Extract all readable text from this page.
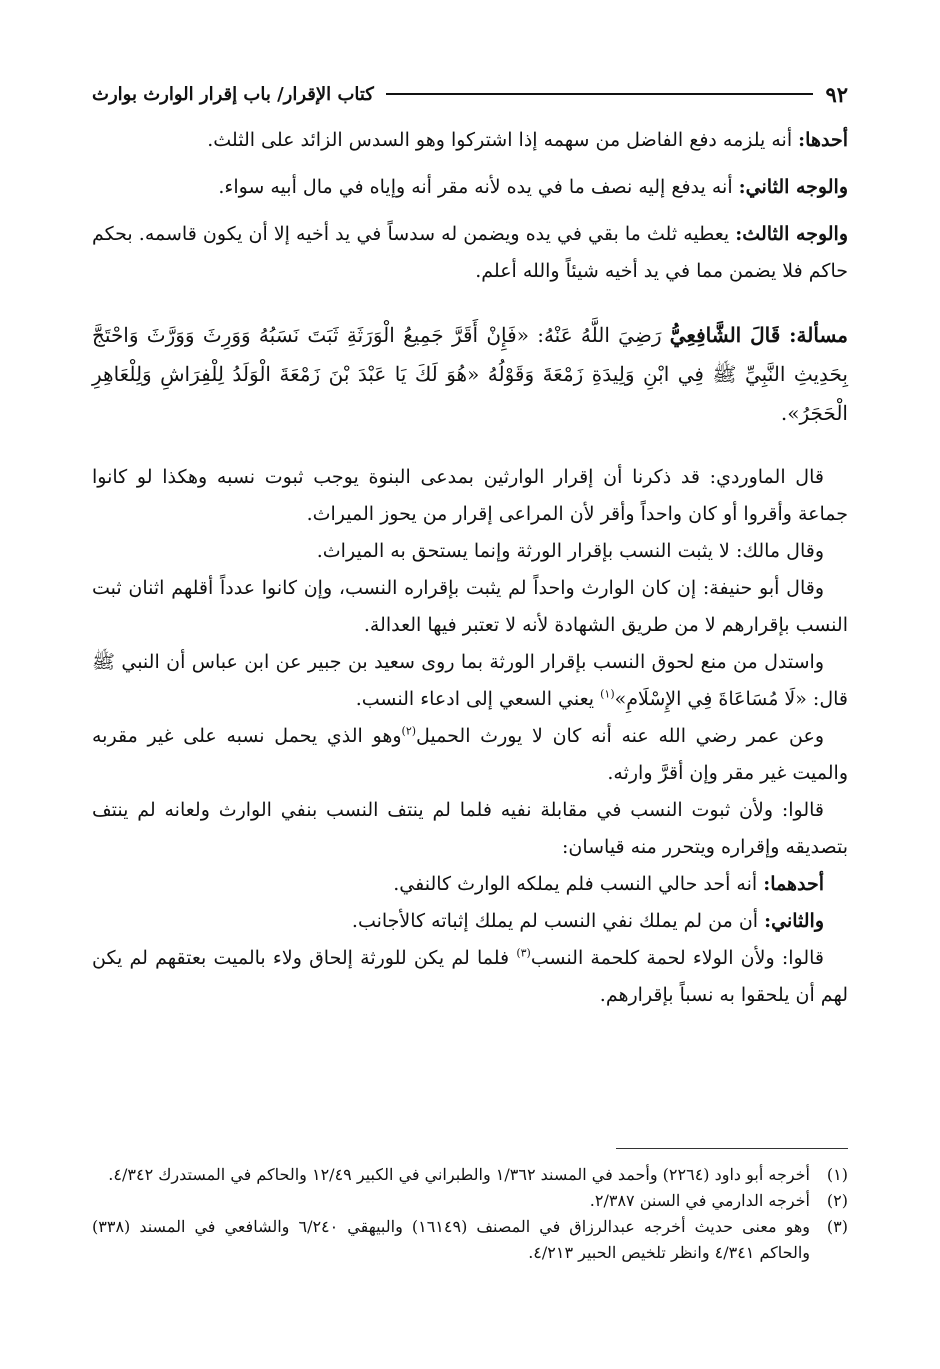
٩٢
كتاب الإقرار/ باب إقرار الوارث بوارث

أحدها: أنه يلزمه دفع الفاضل من سهمه إذا اشتركوا وهو السدس الزائد على الثلث.

والوجه الثاني: أنه يدفع إليه نصف ما في يده لأنه مقر أنه وإياه في مال أبيه سواء.

والوجه الثالث: يعطيه ثلث ما بقي في يده ويضمن له سدساً في يد أخيه إلا أن يكون قاسمه. بحكم حاكم فلا يضمن مما في يد أخيه شيئاً والله أعلم.

مسألة: قَالَ الشَّافِعِيُّ رَضِيَ اللَّهُ عَنْهُ: «فَإِنْ أَقَرَّ جَمِيعُ الْوَرَثَةِ ثَبَتَ نَسَبُهُ وَوَرِثَ وَوَرَّثَ وَاحْتَجَّ بِحَدِيثِ النَّبِيِّ ﷺ فِي ابْنِ وَلِيدَةِ زَمْعَةَ وَقَوْلُهُ «هُوَ لَكَ يَا عَبْدَ بْنَ زَمْعَةَ الْوَلَدُ لِلْفِرَاشِ وَلِلْعَاهِرِ الْحَجَرُ».

قال الماوردي: قد ذكرنا أن إقرار الوارثين بمدعى البنوة يوجب ثبوت نسبه وهكذا لو كانوا جماعة وأقروا أو كان واحداً وأقر لأن المراعى إقرار من يحوز الميراث.

وقال مالك: لا يثبت النسب بإقرار الورثة وإنما يستحق به الميراث.

وقال أبو حنيفة: إن كان الوارث واحداً لم يثبت بإقراره النسب، وإن كانوا عدداً أقلهم اثنان ثبت النسب بإقرارهم لا من طريق الشهادة لأنه لا تعتبر فيها العدالة.

واستدل من منع لحوق النسب بإقرار الورثة بما روى سعيد بن جبير عن ابن عباس أن النبي ﷺ قال: «لَا مُسَاعَاةَ فِي الإِسْلَامِ»$^{(١)}$ يعني السعي إلى ادعاء النسب.

وعن عمر رضي الله عنه أنه كان لا يورث الحميل$^{(٢)}$وهو الذي يحمل نسبه على غير مقربه والميت غير مقر وإن أقرَّ وارثه.

قالوا: ولأن ثبوت النسب في مقابلة نفيه فلما لم ينتف النسب بنفي الوارث ولعانه لم ينتف بتصديقه وإقراره ويتحرر منه قياسان:

أحدهما: أنه أحد حالي النسب فلم يملكه الوارث كالنفي.

والثاني: أن من لم يملك نفي النسب لم يملك إثباته كالأجانب.

قالوا: ولأن الولاء لحمة كلحمة النسب$^{(٣)}$ فلما لم يكن للورثة إلحاق ولاء بالميت بعتقهم لم يكن لهم أن يلحقوا به نسباً بإقرارهم.

(١)
أخرجه أبو داود (٢٢٦٤) وأحمد في المسند ١/٣٦٢ والطبراني في الكبير ١٢/٤٩ والحاكم في المستدرك ٤/٣٤٢.

(٢)
أخرجه الدارمي في السنن ٢/٣٨٧.

(٣)
وهو معنى حديث أخرجه عبدالرزاق في المصنف (١٦١٤٩) والبيهقي ٦/٢٤٠ والشافعي في المسند (٣٣٨) والحاكم ٤/٣٤١ وانظر تلخيص الحبير ٤/٢١٣.
